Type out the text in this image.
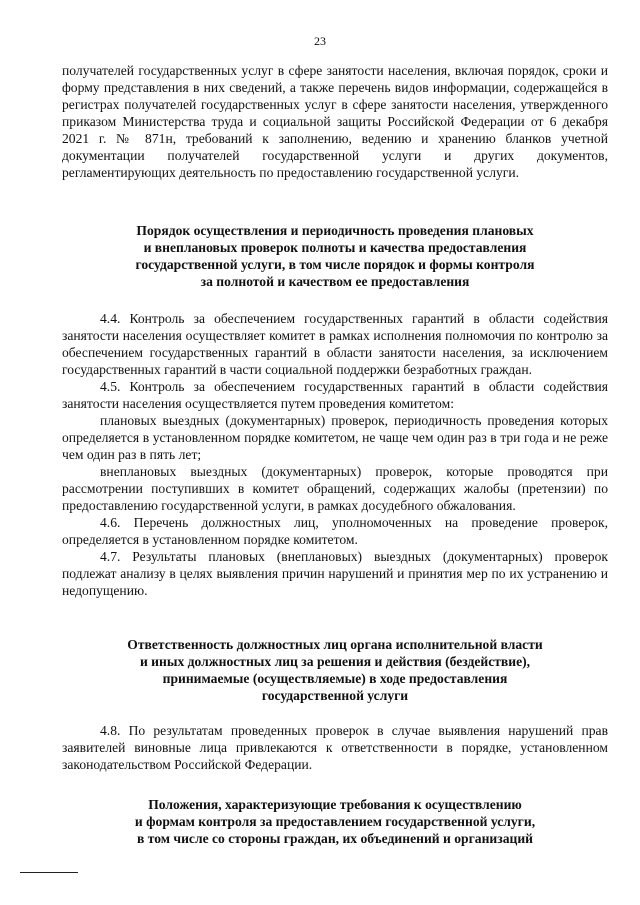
23

получателей государственных услуг в сфере занятости населения, включая порядок, сроки и форму представления в них сведений, а также перечень видов информации, содержащейся в регистрах получателей государственных услуг в сфере занятости населения, утвержденного приказом Министерства труда и социальной защиты Российской Федерации от 6 декабря 2021 г. № 871н, требований к заполнению, ведению и хранению бланков учетной документации получателей государственной услуги и других документов, регламентирующих деятельность по предоставлению государственной услуги.

Порядок осуществления и периодичность проведения плановых
и внеплановых проверок полноты и качества предоставления
государственной услуги, в том числе порядок и формы контроля
за полнотой и качеством ее предоставления

4.4. Контроль за обеспечением государственных гарантий в области содействия занятости населения осуществляет комитет в рамках исполнения полномочия по контролю за обеспечением государственных гарантий в области занятости населения, за исключением государственных гарантий в части социальной поддержки безработных граждан.

4.5. Контроль за обеспечением государственных гарантий в области содействия занятости населения осуществляется путем проведения комитетом:

плановых выездных (документарных) проверок, периодичность проведения которых определяется в установленном порядке комитетом, не чаще чем один раз в три года и не реже чем один раз в пять лет;

внеплановых выездных (документарных) проверок, которые проводятся при рассмотрении поступивших в комитет обращений, содержащих жалобы (претензии) по предоставлению государственной услуги, в рамках досудебного обжалования.

4.6. Перечень должностных лиц, уполномоченных на проведение проверок, определяется в установленном порядке комитетом.

4.7. Результаты плановых (внеплановых) выездных (документарных) проверок подлежат анализу в целях выявления причин нарушений и принятия мер по их устранению и недопущению.

Ответственность должностных лиц органа исполнительной власти
и иных должностных лиц за решения и действия (бездействие),
принимаемые (осуществляемые) в ходе предоставления
государственной услуги

4.8. По результатам проведенных проверок в случае выявления нарушений прав заявителей виновные лица привлекаются к ответственности в порядке, установленном законодательством Российской Федерации.

Положения, характеризующие требования к осуществлению
и формам контроля за предоставлением государственной услуги,
в том числе со стороны граждан, их объединений и организаций
